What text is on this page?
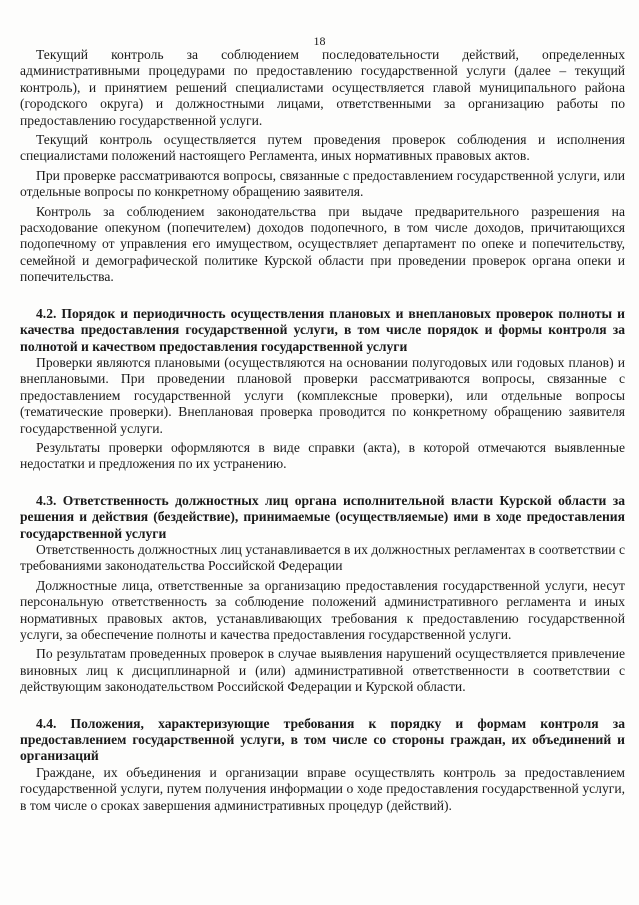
18

Текущий контроль за соблюдением последовательности действий, определенных административными процедурами по предоставлению государственной услуги (далее – текущий контроль), и принятием решений специалистами осуществляется главой муниципального района (городского округа) и должностными лицами, ответственными за организацию работы по предоставлению государственной услуги.

Текущий контроль осуществляется путем проведения проверок соблюдения и исполнения специалистами положений настоящего Регламента, иных нормативных правовых актов.

При проверке рассматриваются вопросы, связанные с предоставлением государственной услуги, или отдельные вопросы по конкретному обращению заявителя.

Контроль за соблюдением законодательства при выдаче предварительного разрешения на расходование опекуном (попечителем) доходов подопечного, в том числе доходов, причитающихся подопечному от управления его имуществом, осуществляет департамент по опеке и попечительству, семейной и демографической политике Курской области при проведении проверок органа опеки и попечительства.

4.2. Порядок и периодичность осуществления плановых и внеплановых проверок полноты и качества предоставления государственной услуги, в том числе порядок и формы контроля за полнотой и качеством предоставления государственной услуги

Проверки являются плановыми (осуществляются на основании полугодовых или годовых планов) и внеплановыми. При проведении плановой проверки рассматриваются вопросы, связанные с предоставлением государственной услуги (комплексные проверки), или отдельные вопросы (тематические проверки). Внеплановая проверка проводится по конкретному обращению заявителя государственной услуги.

Результаты проверки оформляются в виде справки (акта), в которой отмечаются выявленные недостатки и предложения по их устранению.

4.3. Ответственность должностных лиц органа исполнительной власти Курской области за решения и действия (бездействие), принимаемые (осуществляемые) ими в ходе предоставления государственной услуги

Ответственность должностных лиц устанавливается в их должностных регламентах в соответствии с требованиями законодательства Российской Федерации

Должностные лица, ответственные за организацию предоставления государственной услуги, несут персональную ответственность за соблюдение положений административного регламента и иных нормативных правовых актов, устанавливающих требования к предоставлению государственной услуги, за обеспечение полноты и качества предоставления государственной услуги.

По результатам проведенных проверок в случае выявления нарушений осуществляется привлечение виновных лиц к дисциплинарной и (или) административной ответственности в соответствии с действующим законодательством Российской Федерации и Курской области.

4.4. Положения, характеризующие требования к порядку и формам контроля за предоставлением государственной услуги, в том числе со стороны граждан, их объединений и организаций

Граждане, их объединения и организации вправе осуществлять контроль за предоставлением государственной услуги, путем получения информации о ходе предоставления государственной услуги, в том числе о сроках завершения административных процедур (действий).
